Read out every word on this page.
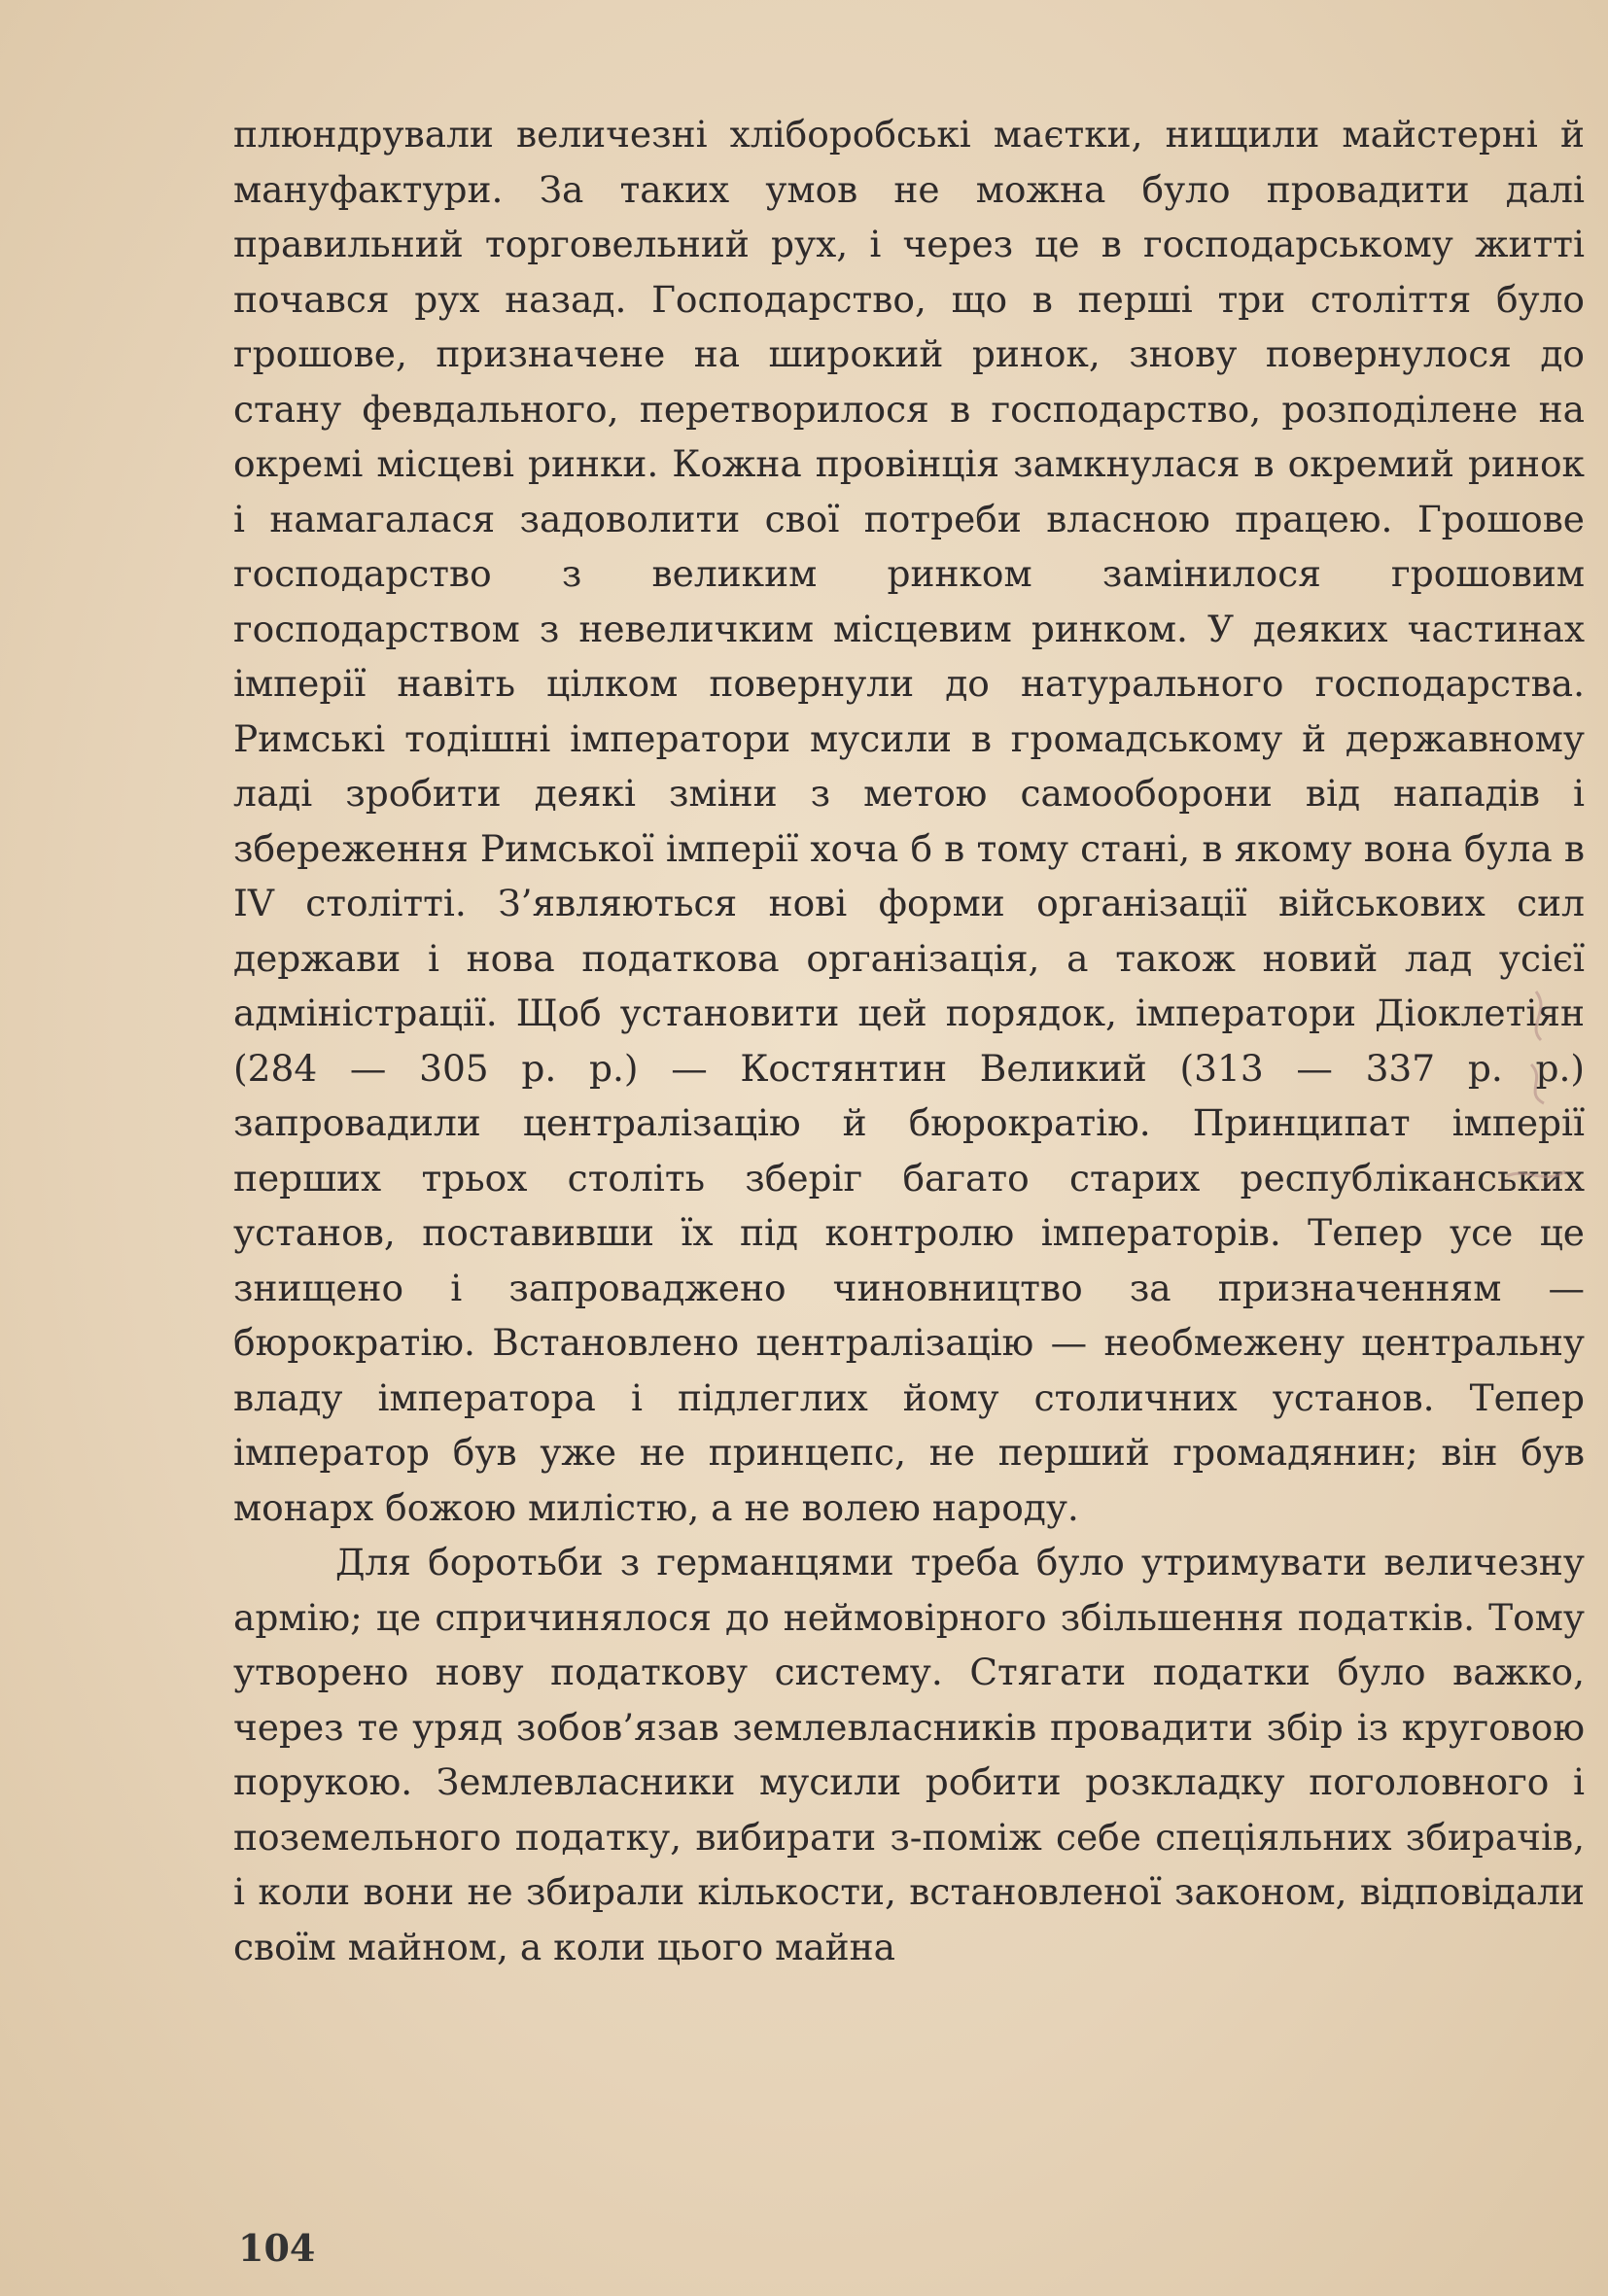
плюндрували величезні хліборобські маєтки, нищили майстерні й мануфактури. За таких умов не можна було провадити далі правильний торговельний рух, і через це в господарському житті почався рух назад. Господарство, що в перші три століття було грошове, призначене на широкий ринок, знову повернулося до стану февдального, перетворилося в господарство, розподілене на окремі місцеві ринки. Кожна провінція замкнулася в окремий ринок і намагалася задоволити свої потреби власною працею. Грошове господарство з великим ринком замінилося грошовим господарством з невеличким місцевим ринком. У деяких частинах імперії навіть цілком повернули до натурального господарства. Римські тодішні імператори мусили в громадському й державному ладі зробити деякі зміни з метою самооборони від нападів і збереження Римської імперії хоча б в тому стані, в якому вона була в IV столітті. З’являються нові форми організації військових сил держави і нова податкова організація, а також новий лад усієї адміністрації. Щоб установити цей порядок, імператори Діоклетіян (284 — 305 р. р.) — Костянтин Великий (313 — 337 р. р.) запровадили централізацію й бюрократію. Принципат імперії перших трьох століть зберіг багато старих республіканських установ, поставивши їх під контролю імператорів. Тепер усе це знищено і запроваджено чиновництво за призначенням — бюрократію. Встановлено централізацію — необмежену центральну владу імператора і підлеглих йому столичних установ. Тепер імператор був уже не принцепс, не перший громадянин; він був монарх божою милістю, а не волею народу.

Для боротьби з германцями треба було утримувати величезну армію; це спричинялося до неймовірного збільшення податків. Тому утворено нову податкову систему. Стягати податки було важко, через те уряд зобов’язав землевласників провадити збір із круговою порукою. Землевласники мусили робити розкладку поголовного і поземельного податку, вибирати з-поміж себе спеціяльних збирачів, і коли вони не збирали кількости, встановленої законом, відповідали своїм майном, а коли цього майна

104
